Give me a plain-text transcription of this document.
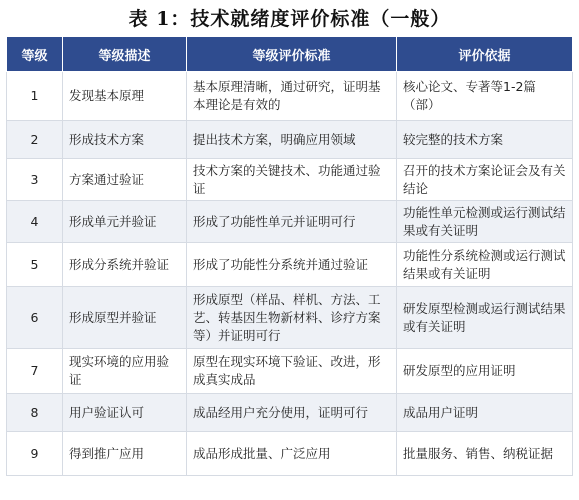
表 1：技术就绪度评价标准（一般）
等级	等级描述	等级评价标准	评价依据
1	发现基本原理	基本原理清晰，通过研究，证明基本理论是有效的	核心论文、专著等1-2篇（部）
2	形成技术方案	提出技术方案，明确应用领域	较完整的技术方案
3	方案通过验证	技术方案的关键技术、功能通过验证	召开的技术方案论证会及有关结论
4	形成单元并验证	形成了功能性单元并证明可行	功能性单元检测或运行测试结果或有关证明
5	形成分系统并验证	形成了功能性分系统并通过验证	功能性分系统检测或运行测试结果或有关证明
6	形成原型并验证	形成原型（样品、样机、方法、工艺、转基因生物新材料、诊疗方案等）并证明可行	研发原型检测或运行测试结果或有关证明
7	现实环境的应用验证	原型在现实环境下验证、改进，形成真实成品	研发原型的应用证明
8	用户验证认可	成品经用户充分使用，证明可行	成品用户证明
9	得到推广应用	成品形成批量、广泛应用	批量服务、销售、纳税证据
